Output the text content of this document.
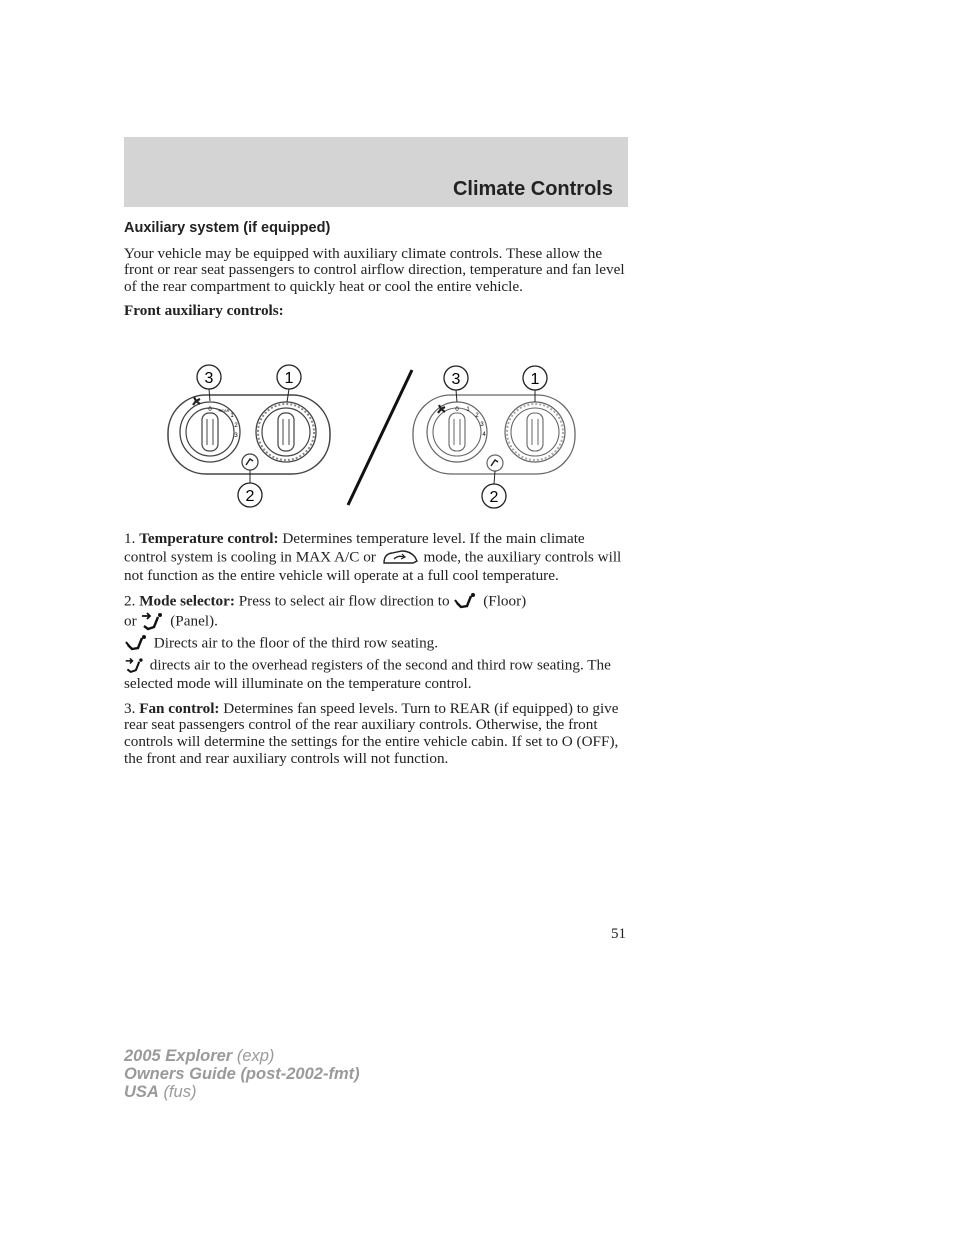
Climate Controls
Auxiliary system (if equipped)

Your vehicle may be equipped with auxiliary climate controls. These allow the front or rear seat passengers to control airflow direction, temperature and fan level of the rear compartment to quickly heat or cool the entire vehicle.

Front auxiliary controls:

0 REAR
1
2
3
3	1
2
0 1
2
3
4
3	1
2

1. Temperature control: Determines temperature level. If the main climate control system is cooling in MAX A/C or	mode, the auxiliary controls will not function as the entire vehicle will operate at a full cool temperature.

2. Mode selector: Press to select air flow direction to (Floor)
or (Panel).

Directs air to the floor of the third row seating.

directs air to the overhead registers of the second and third row seating. The selected mode will illuminate on the temperature control.

3. Fan control: Determines fan speed levels. Turn to REAR (if equipped) to give rear seat passengers control of the rear auxiliary controls. Otherwise, the front controls will determine the settings for the entire vehicle cabin. If set to O (OFF), the front and rear auxiliary controls will not function.

51
2005 Explorer (exp)
Owners Guide (post-2002-fmt)
USA (fus)
